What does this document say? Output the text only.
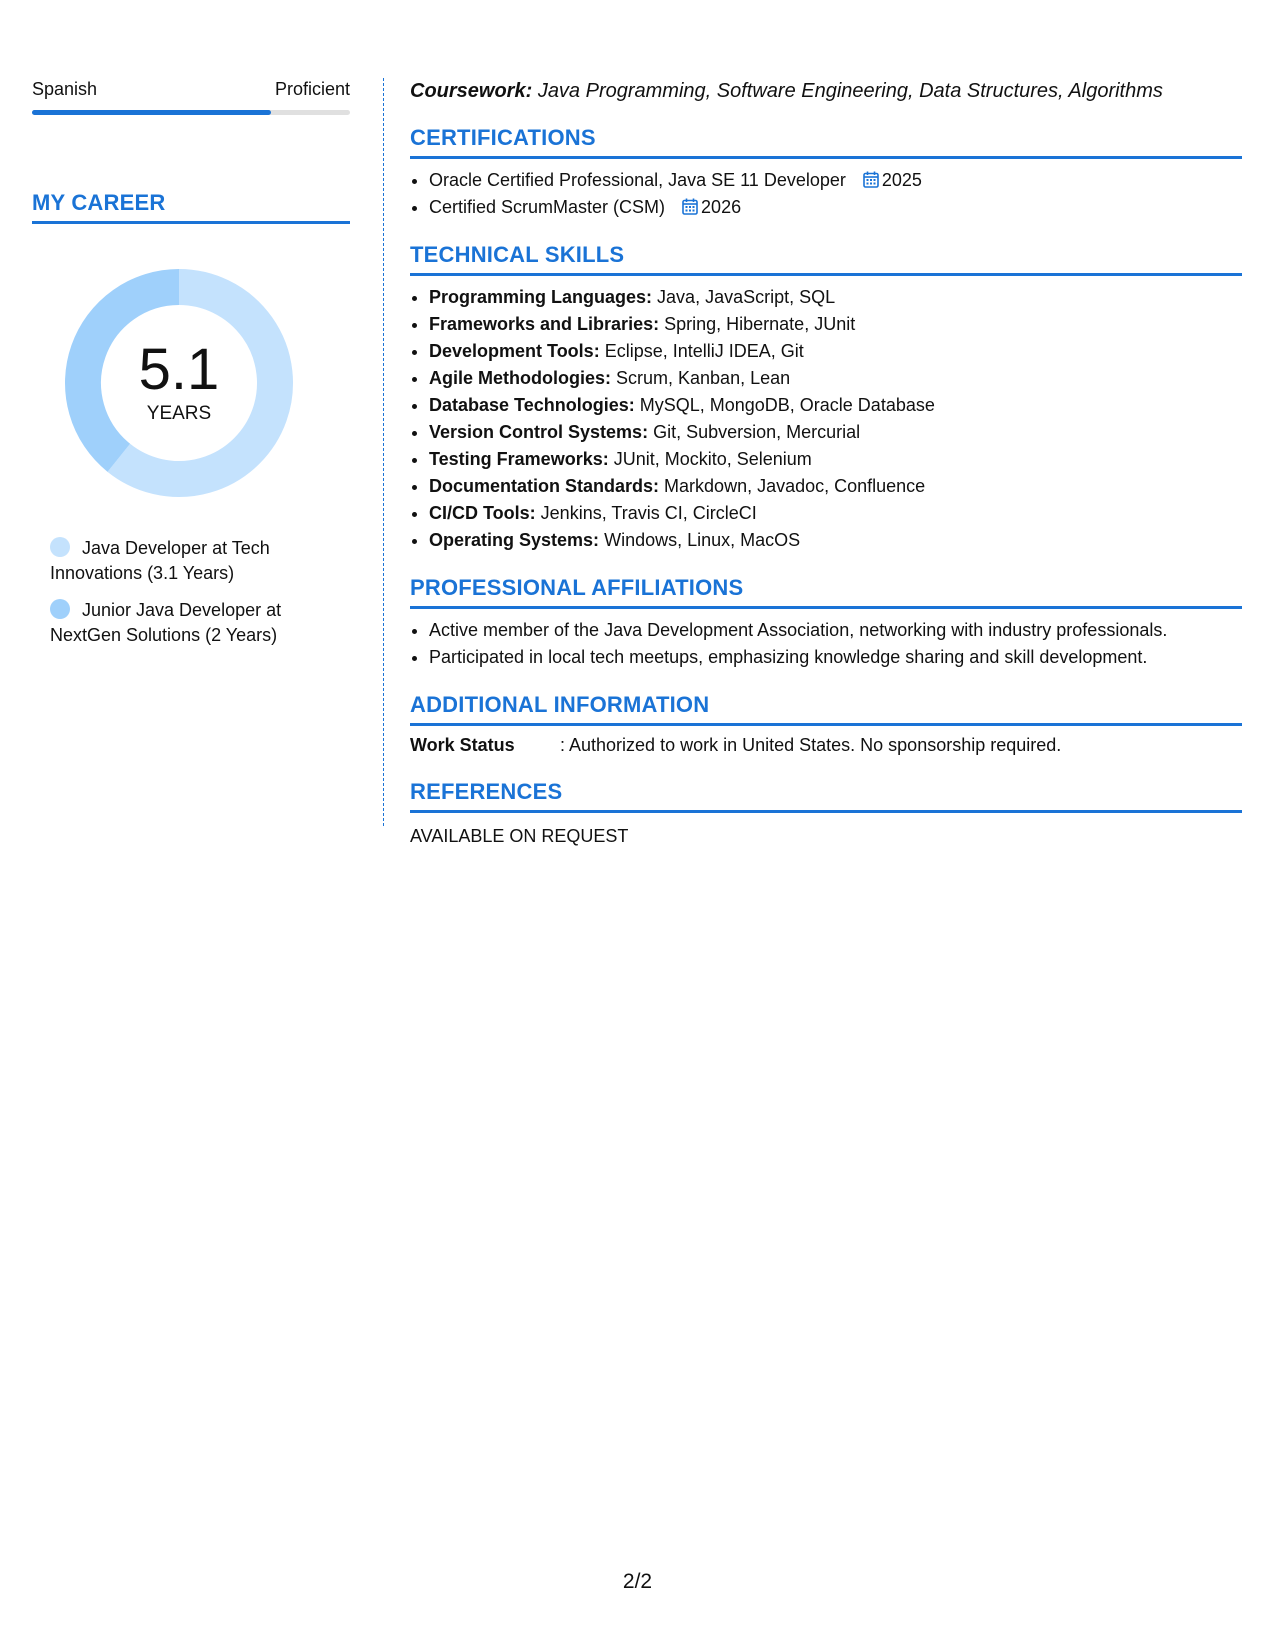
Spanish	Proficient
MY CAREER
5.1
YEARS
Java Developer at Tech Innovations (3.1 Years)
Junior Java Developer at NextGen Solutions (2 Years)
Coursework: Java Programming, Software Engineering, Data Structures, Algorithms
CERTIFICATIONS
• Oracle Certified Professional, Java SE 11 Developer 2025
• Certified ScrumMaster (CSM) 2026
TECHNICAL SKILLS
• Programming Languages: Java, JavaScript, SQL
• Frameworks and Libraries: Spring, Hibernate, JUnit
• Development Tools: Eclipse, IntelliJ IDEA, Git
• Agile Methodologies: Scrum, Kanban, Lean
• Database Technologies: MySQL, MongoDB, Oracle Database
• Version Control Systems: Git, Subversion, Mercurial
• Testing Frameworks: JUnit, Mockito, Selenium
• Documentation Standards: Markdown, Javadoc, Confluence
• CI/CD Tools: Jenkins, Travis CI, CircleCI
• Operating Systems: Windows, Linux, MacOS
PROFESSIONAL AFFILIATIONS
• Active member of the Java Development Association, networking with industry professionals.
• Participated in local tech meetups, emphasizing knowledge sharing and skill development.
ADDITIONAL INFORMATION
Work Status	: Authorized to work in United States. No sponsorship required.
REFERENCES
AVAILABLE ON REQUEST
2/2
